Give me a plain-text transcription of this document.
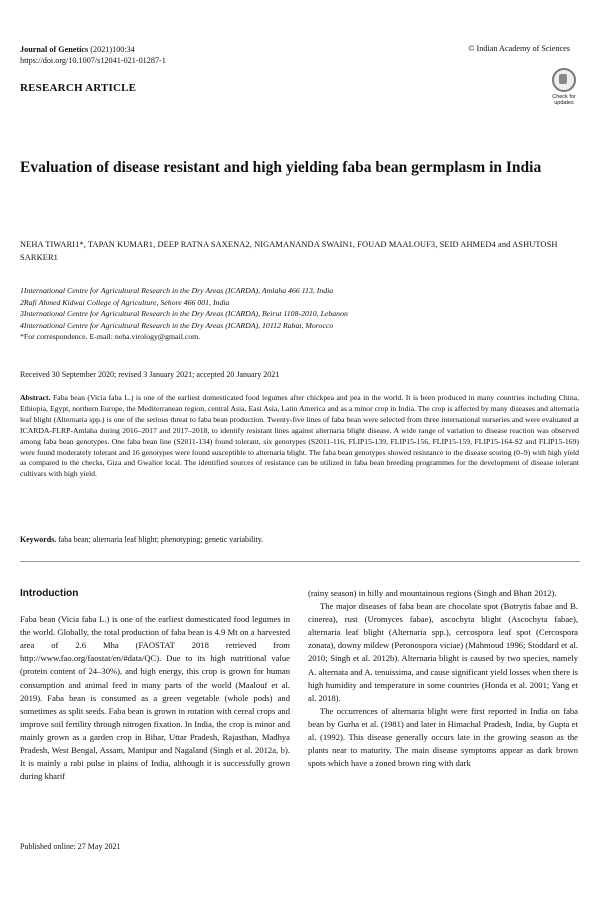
Journal of Genetics (2021)100:34
https://doi.org/10.1007/s12041-021-01287-1
© Indian Academy of Sciences
RESEARCH ARTICLE
Check for updates
Evaluation of disease resistant and high yielding faba bean germplasm in India
NEHA TIWARI1*, TAPAN KUMAR1, DEEP RATNA SAXENA2, NIGAMANANDA SWAIN1, FOUAD MAALOUF3, SEID AHMED4 and ASHUTOSH SARKER1
1International Centre for Agricultural Research in the Dry Areas (ICARDA), Amlaha 466 113, India
2Rafi Ahmed Kidwai College of Agriculture, Sehore 466 001, India
3International Centre for Agricultural Research in the Dry Areas (ICARDA), Beirut 1108-2010, Lebanon
4International Centre for Agricultural Research in the Dry Areas (ICARDA), 10112 Rabat, Morocco
*For correspondence. E-mail: neha.virology@gmail.com.
Received 30 September 2020; revised 3 January 2021; accepted 20 January 2021
Abstract. Faba bean (Vicia faba L.) is one of the earliest domesticated food legumes after chickpea and pea in the world. It is been produced in many countries including China, Ethiopia, Egypt, northern Europe, the Mediterranean region, central Asia, East Asia, Latin America and as a minor crop in India. The crop is affected by many diseases and alternaria leaf blight (Alternaria spp.) is one of the serious threat to faba bean production. Twenty-five lines of faba bean were selected from three international nurseries and were evaluated at ICARDA-FLRP-Amlaha during 2016–2017 and 2017–2018, to identify resistant lines against alternaria blight disease. A wide range of variation to disease reaction was observed among faba bean genotypes. One faba bean line (S2011-134) found tolerant, six genotypes (S2011-116, FLIP15-139, FLIP15-156, FLIP15-159, FLIP15-164-S2 and FLIP15-169) were found moderately tolerant and 16 genotypes were found susceptible to alternaria blight. The faba bean genotypes showed resistance to the disease scoring (0–9) with high yield as compared to the checks, Giza and Gwalior local. The identified sources of resistance can be utilized in faba bean breeding programmes for the development of disease tolerant cultivars with high yield.
Keywords. faba bean; alternaria leaf blight; phenotyping; genetic variability.
Introduction

Faba bean (Vicia faba L.) is one of the earliest domesticated food legumes in the world. Globally, the total production of faba bean is 4.9 Mt on a harvested area of 2.6 Mha (FAOSTAT 2018 retrieved from http://www.fao.org/faostat/en/#data/QC). Due to its high nutritional value (protein content of 24–30%), and high energy, this crop is grown for human consumption and animal feed in many parts of the world (Maalouf et al. 2019). Faba bean is consumed as a green vegetable (whole pods) and sometimes as split seeds. Faba bean is grown in rotation with cereal crops and improve soil fertility through nitrogen fixation. In India, the crop is minor and mainly grown as a garden crop in Bihar, Uttar Pradesh, Rajasthan, Madhya Pradesh, West Bengal, Assam, Manipur and Nagaland (Singh et al. 2012a, b). It is mainly a rabi pulse in plains of India, although it is successfully grown during kharif

(rainy season) in hilly and mountainous regions (Singh and Bhatt 2012).

The major diseases of faba bean are chocolate spot (Botrytis fabae and B. cinerea), rust (Uromyces fabae), ascochyta blight (Ascochyta fabae), alternaria leaf blight (Alternaria spp.), cercospora leaf spot (Cercospora zonata), downy mildew (Peronospora viciae) (Mahmoud 1996; Stoddard et al. 2010; Singh et al. 2012b). Alternaria blight is caused by two species, namely A. alternata and A. tenuissima, and cause significant yield losses when there is high humidity and temperature in some countries (Honda et al. 2001; Yang et al. 2018).

The occurrences of alternaria blight were first reported in India on faba bean by Gurha et al. (1981) and later in Himachal Pradesh, India, by Gupta et al. (1992). This disease generally occurs late in the growing season as the plants near to maturity. The main disease symptoms appear as dark brown spots which have a zoned brown ring with dark

Published online: 27 May 2021
